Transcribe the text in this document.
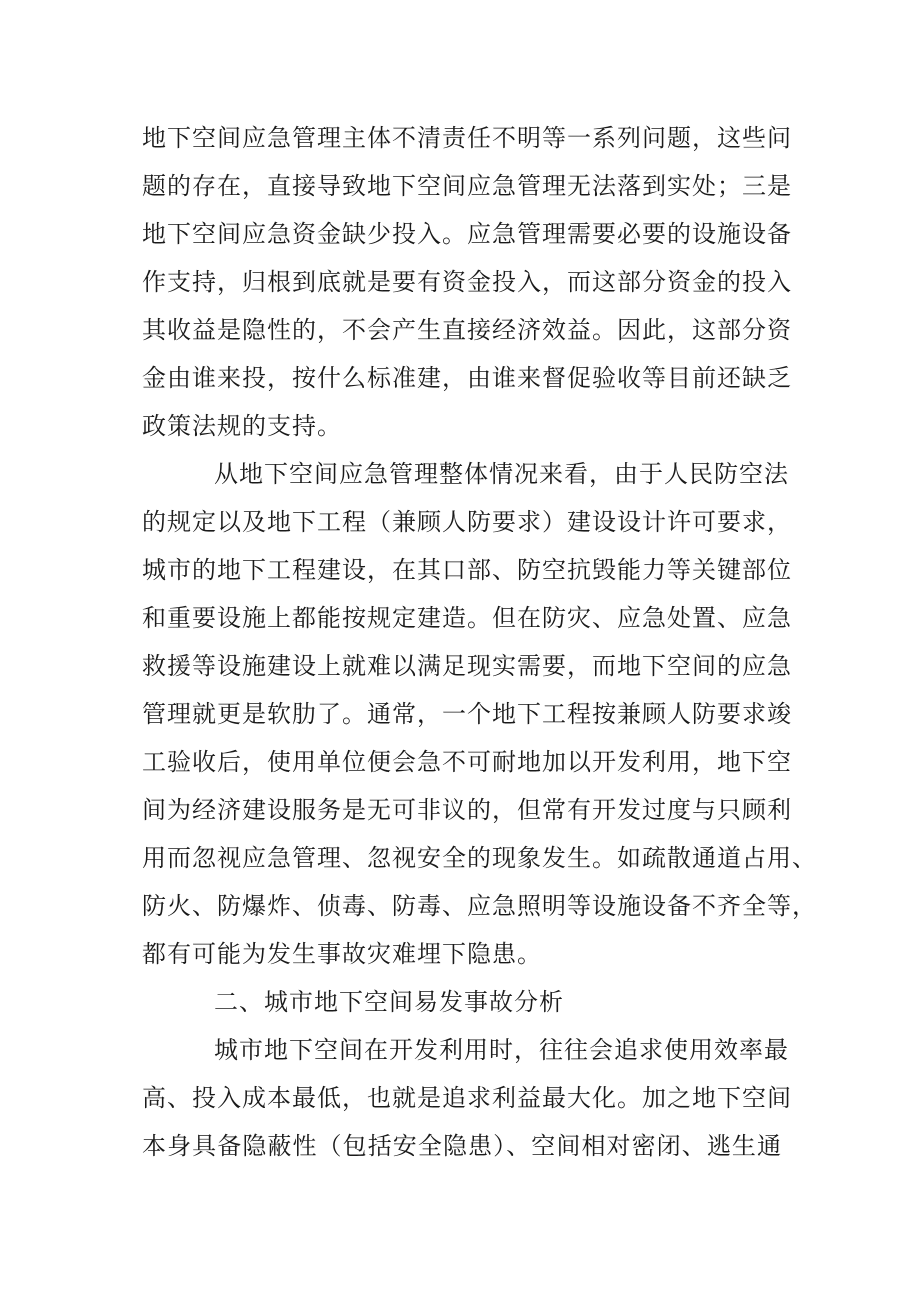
地下空间应急管理主体不清责任不明等一系列问题，这些问
题的存在，直接导致地下空间应急管理无法落到实处；三是
地下空间应急资金缺少投入。应急管理需要必要的设施设备
作支持，归根到底就是要有资金投入，而这部分资金的投入
其收益是隐性的，不会产生直接经济效益。因此，这部分资
金由谁来投，按什么标准建，由谁来督促验收等目前还缺乏
政策法规的支持。
从地下空间应急管理整体情况来看，由于人民防空法
的规定以及地下工程（兼顾人防要求）建设设计许可要求，
城市的地下工程建设，在其口部、防空抗毁能力等关键部位
和重要设施上都能按规定建造。但在防灾、应急处置、应急
救援等设施建设上就难以满足现实需要，而地下空间的应急
管理就更是软肋了。通常，一个地下工程按兼顾人防要求竣
工验收后，使用单位便会急不可耐地加以开发利用，地下空
间为经济建设服务是无可非议的，但常有开发过度与只顾利
用而忽视应急管理、忽视安全的现象发生。如疏散通道占用、
防火、防爆炸、侦毒、防毒、应急照明等设施设备不齐全等，
都有可能为发生事故灾难埋下隐患。
二、城市地下空间易发事故分析
城市地下空间在开发利用时，往往会追求使用效率最
高、投入成本最低，也就是追求利益最大化。加之地下空间
本身具备隐蔽性（包括安全隐患）、空间相对密闭、逃生通
